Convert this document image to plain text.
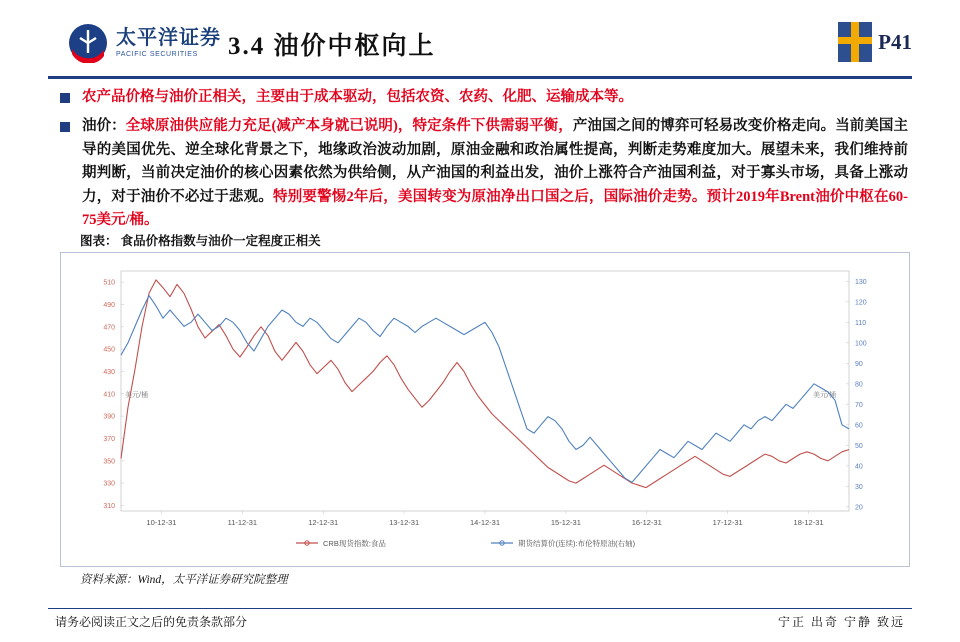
太平洋证券
PACIFIC SECURITIES	3.4 油价中枢向上	P41
农产品价格与油价正相关，主要由于成本驱动，包括农资、农药、化肥、运输成本等。
油价：全球原油供应能力充足(减产本身就已说明)，特定条件下供需弱平衡，产油国之间的博弈可轻易改变价格走向。当前美国主导的美国优先、逆全球化背景之下，地缘政治波动加剧，原油金融和政治属性提高，判断走势难度加大。展望未来，我们维持前期判断，当前决定油价的核心因素依然为供给侧，从产油国的利益出发，油价上涨符合产油国利益，对于寡头市场，具备上涨动力，对于油价不必过于悲观。特别要警惕2年后，美国转变为原油净出口国之后，国际油价走势。预计2019年Brent油价中枢在60-75美元/桶。
图表： 食品价格指数与油价一定程度正相关
310
330
350
370
390
410
430
450
470
490
510
20
30
40
50
60
70
80
90
100
110
120
130
美元/桶	美元/桶
10-12-31	11-12-31	12-12-31	13-12-31	14-12-31	15-12-31	16-12-31	17-12-31	18-12-31
CRB现货指数:食品	期货结算价(连续):布伦特原油(右轴)
资料来源：Wind，太平洋证券研究院整理
请务必阅读正文之后的免责条款部分	宁正 出奇 宁静 致远
